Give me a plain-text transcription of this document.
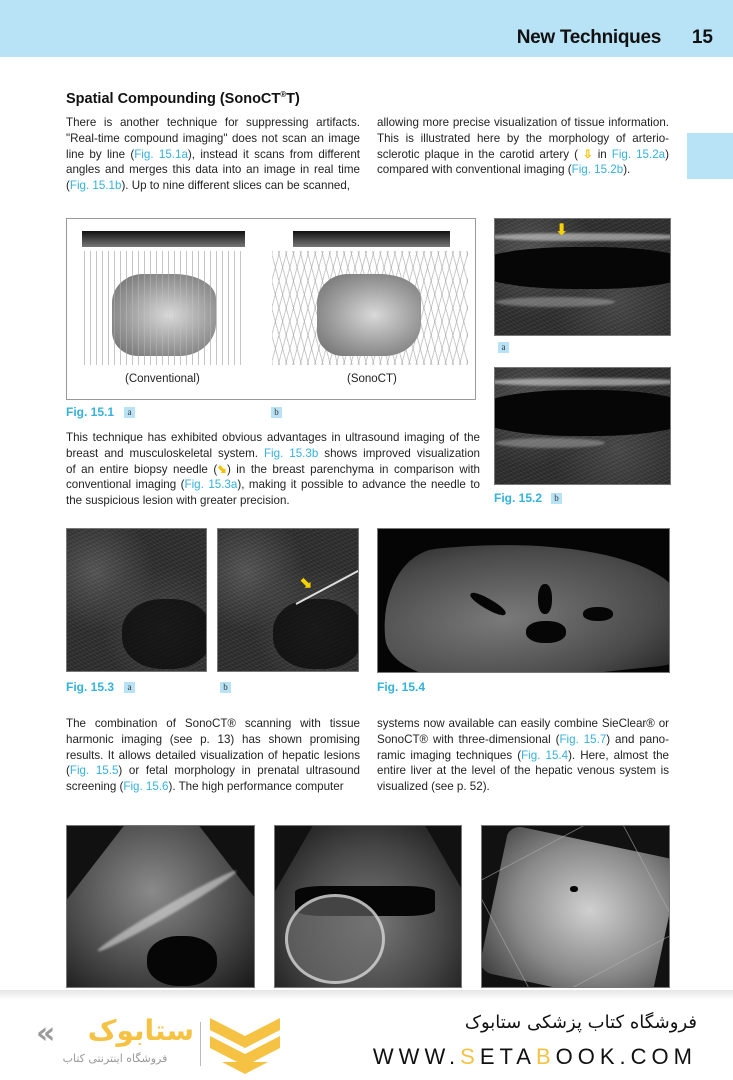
New Techniques 15
Spatial Compounding (SonoCT®T)
There is another technique for suppressing artifacts.
"Real-time compound imaging" does not scan an image
line by line (Fig. 15.1a), instead it scans from different
angles and merges this data into an image in real time
(Fig. 15.1b). Up to nine different slices can be scanned,
allowing more precise visualization of tissue information.
This is illustrated here by the morphology of arterio-
sclerotic plaque in the carotid artery ( ⇩ in Fig. 15.2a)
compared with conventional imaging (Fig. 15.2b).
(Conventional)	(SonoCT)
Fig. 15.1	a	b
This technique has exhibited obvious advantages in ultrasound imaging of the
breast and musculoskeletal system. Fig. 15.3b shows improved visualization
of an entire biopsy needle (⬊) in the breast parenchyma in comparison with
conventional imaging (Fig. 15.3a), making it possible to advance the needle to
the suspicious lesion with greater precision.
⬇
a
Fig. 15.2	b
⬇
Fig. 15.3	a	b	Fig. 15.4
The combination of SonoCT® scanning with tissue
harmonic imaging (see p. 13) has shown promising
results. It allows detailed visualization of hepatic lesions
(Fig. 15.5) or fetal morphology in prenatal ultrasound
screening (Fig. 15.6). The high performance computer
systems now available can easily combine SieClear® or
SonoCT® with three-dimensional (Fig. 15.7) and pano-
ramic imaging techniques (Fig. 15.4). Here, almost the
entire liver at the level of the hepatic venous system is
visualized (see p. 52).
«	ستابوک
فروشگاه اینترنتی کتاب
فروشگاه کتاب پزشکی ستابوک
WWW.SETABOOK.COM
